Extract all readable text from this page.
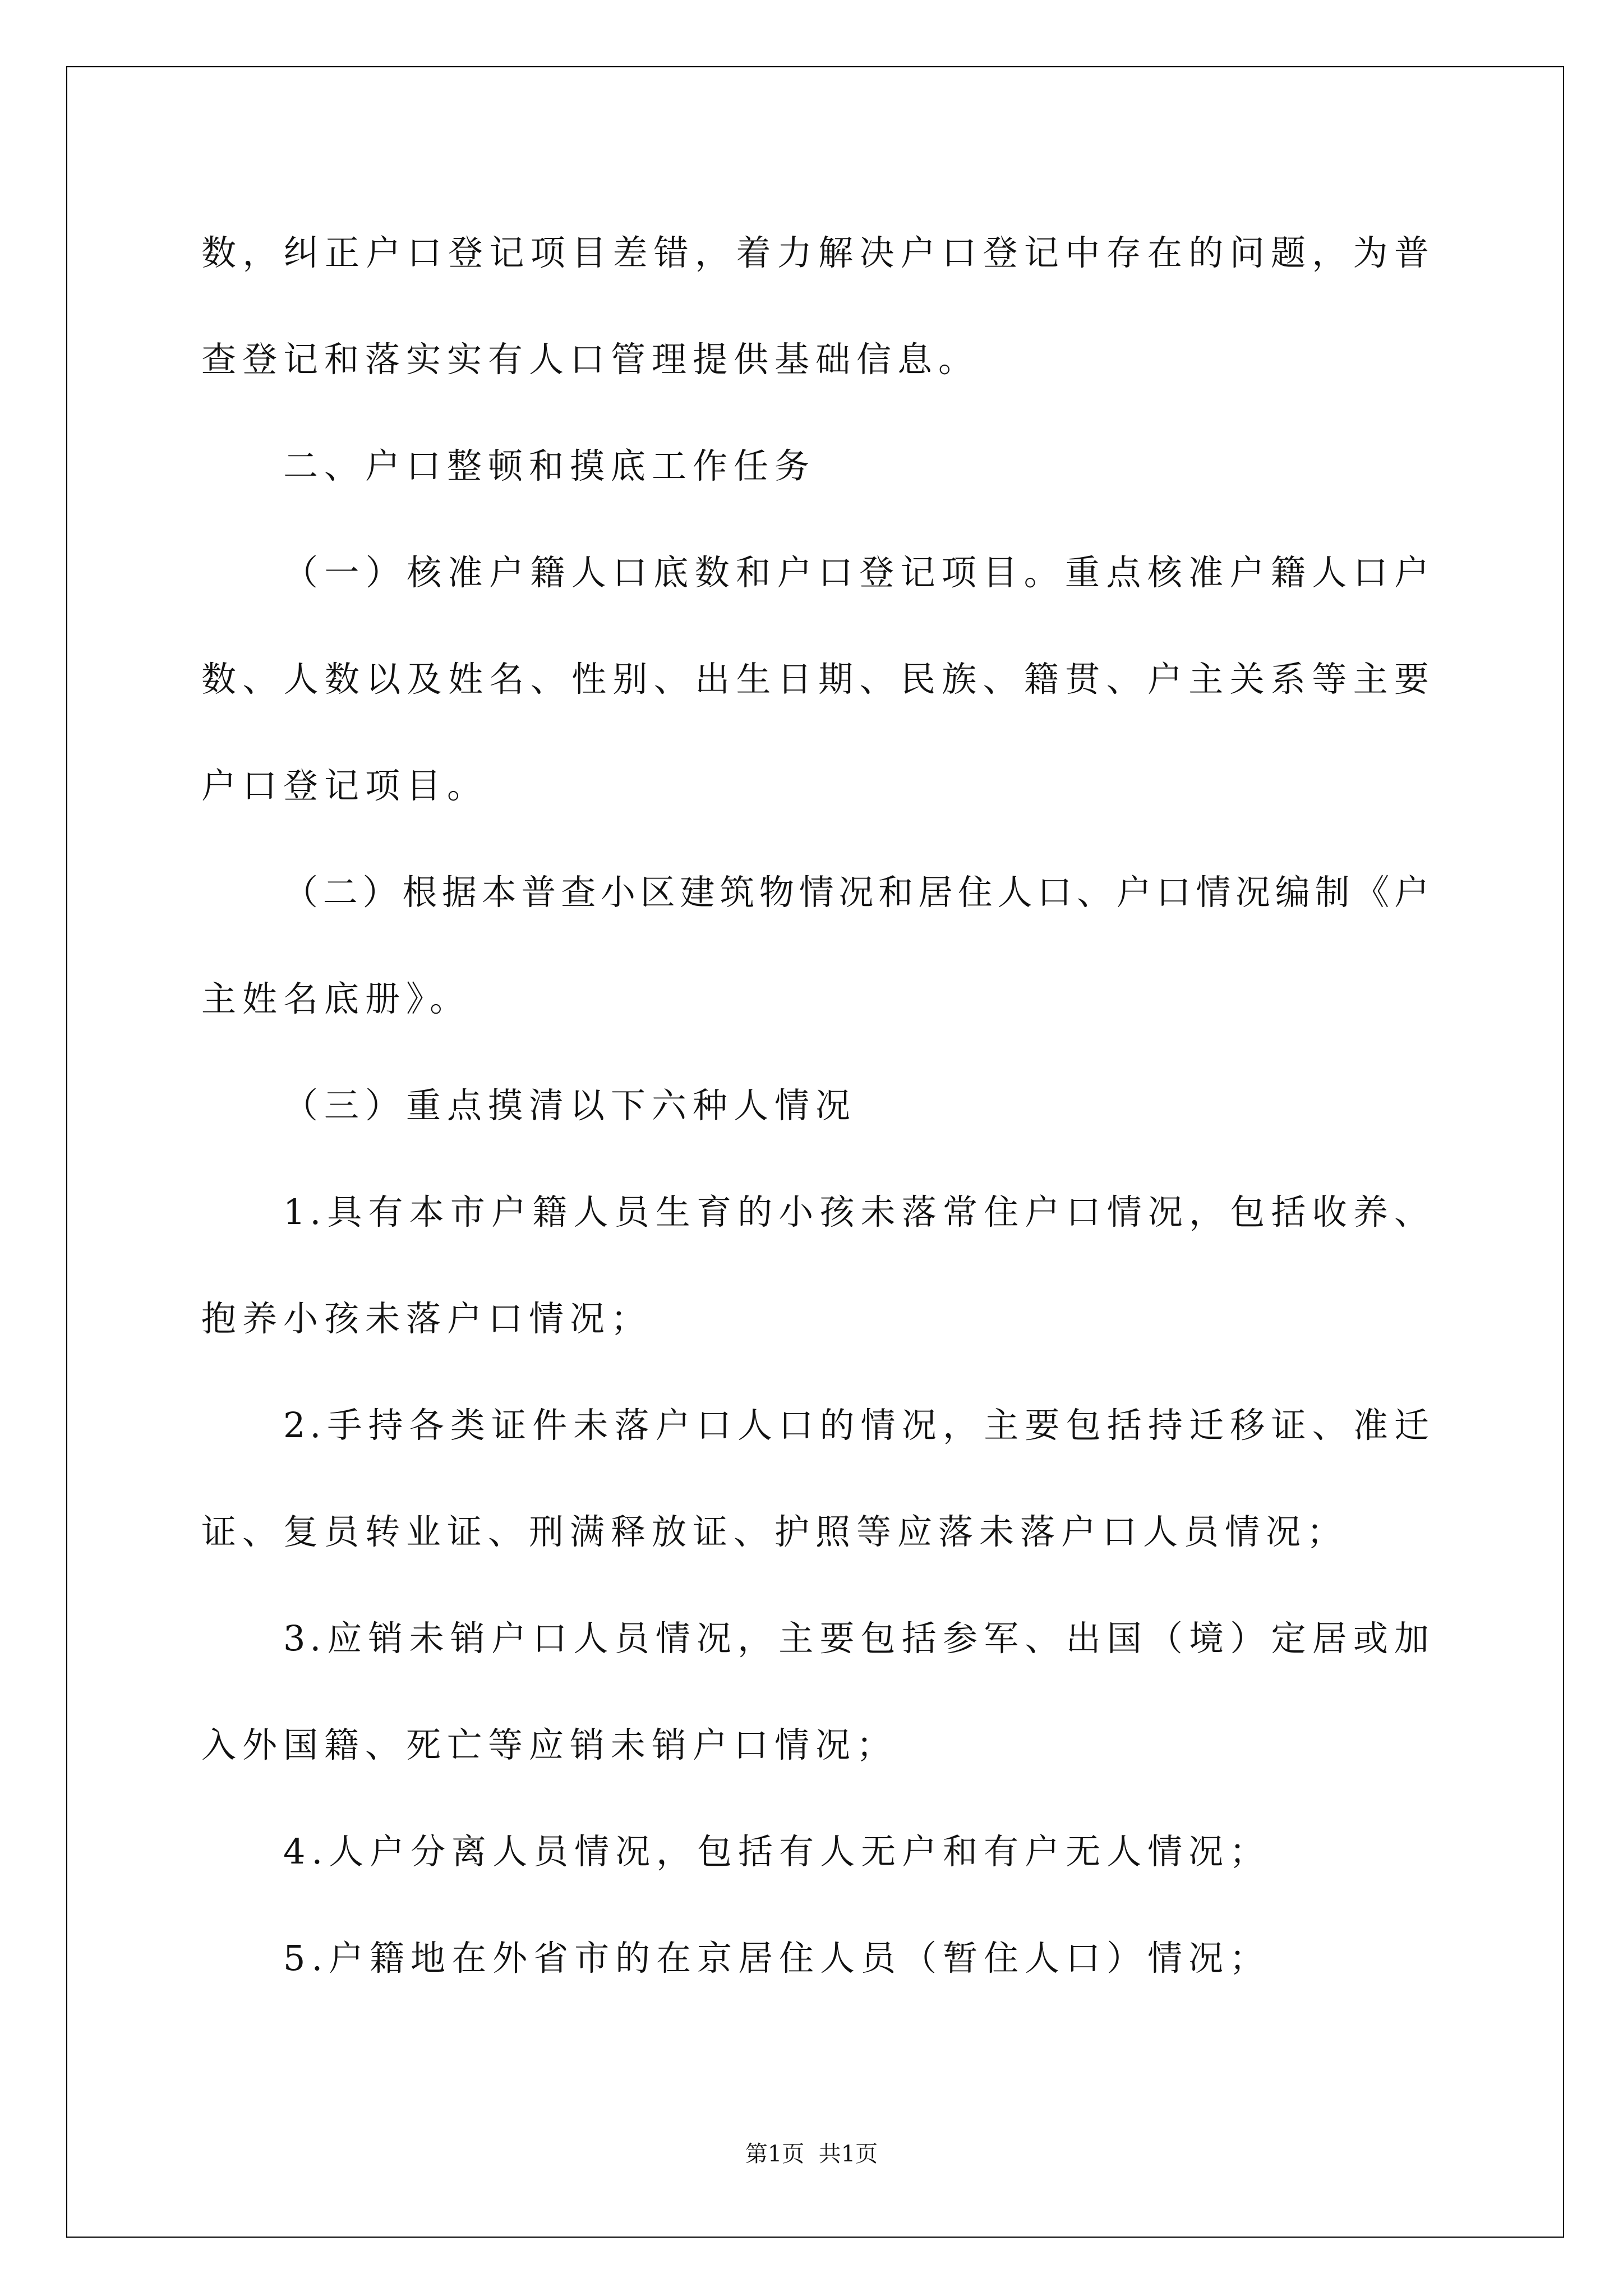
数，纠正户口登记项目差错，着力解决户口登记中存在的问题，为普
查登记和落实实有人口管理提供基础信息。
二、户口整顿和摸底工作任务
（一）核准户籍人口底数和户口登记项目。重点核准户籍人口户
数、人数以及姓名、性别、出生日期、民族、籍贯、户主关系等主要
户口登记项目。
（二）根据本普查小区建筑物情况和居住人口、户口情况编制《户
主姓名底册》。
（三）重点摸清以下六种人情况
1.具有本市户籍人员生育的小孩未落常住户口情况，包括收养、
抱养小孩未落户口情况；
2.手持各类证件未落户口人口的情况，主要包括持迁移证、准迁
证、复员转业证、刑满释放证、护照等应落未落户口人员情况；
3.应销未销户口人员情况，主要包括参军、出国（境）定居或加
入外国籍、死亡等应销未销户口情况；
4.人户分离人员情况，包括有人无户和有户无人情况；
5.户籍地在外省市的在京居住人员（暂住人口）情况；
第1页  共1页
